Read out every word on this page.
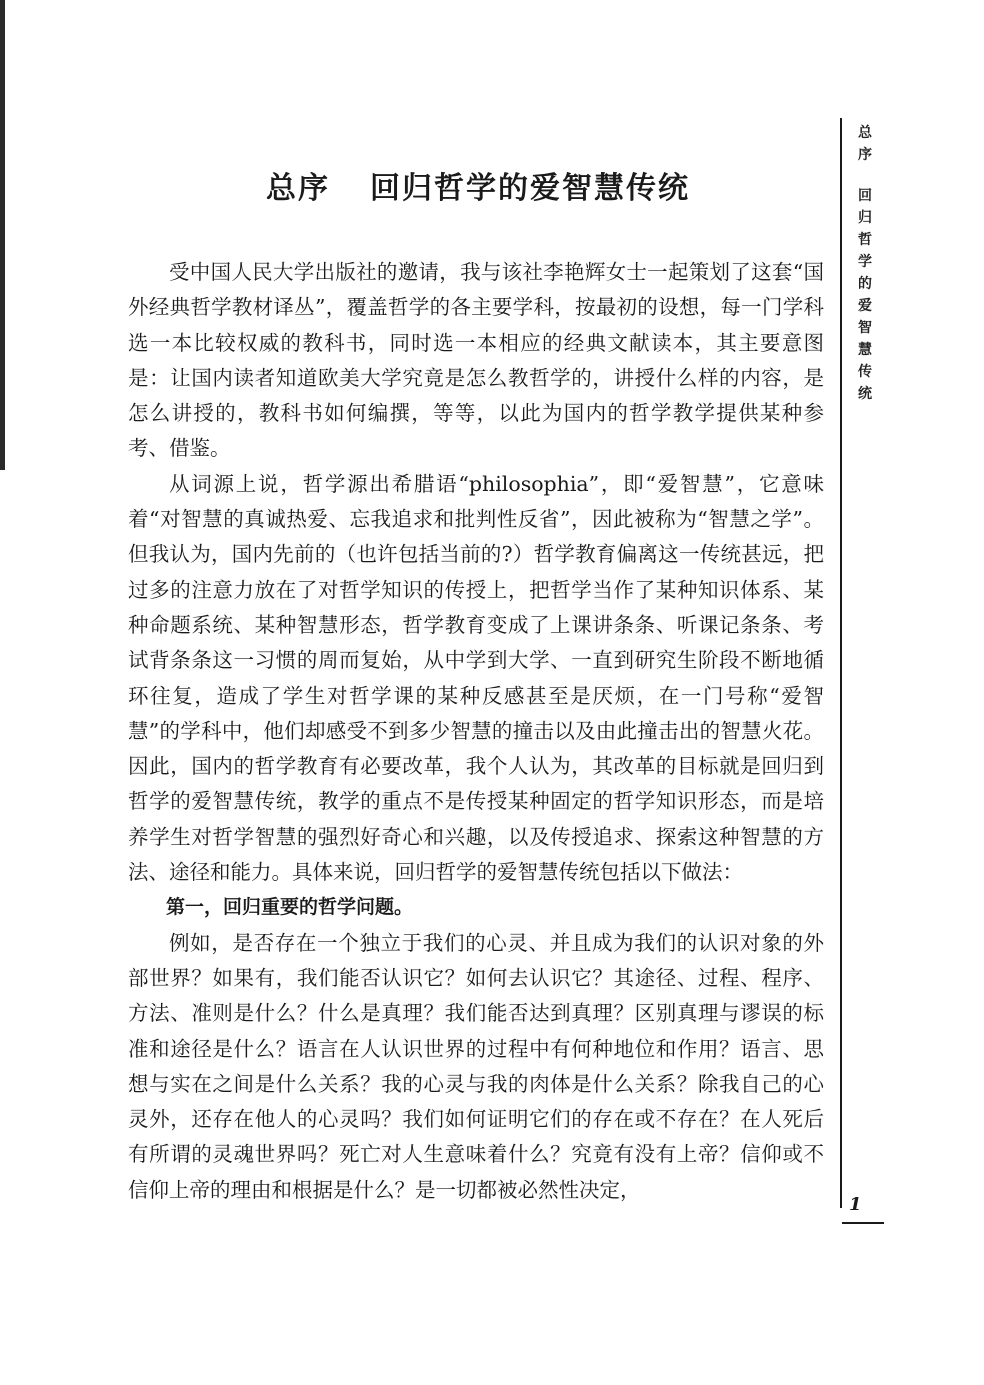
总序
回归哲学的爱智慧传统
1
总序 回归哲学的爱智慧传统

受中国人民大学出版社的邀请，我与该社李艳辉女士一起策划了这套“国外经典哲学教材译丛”，覆盖哲学的各主要学科，按最初的设想，每一门学科选一本比较权威的教科书，同时选一本相应的经典文献读本，其主要意图是：让国内读者知道欧美大学究竟是怎么教哲学的，讲授什么样的内容，是怎么讲授的，教科书如何编撰，等等，以此为国内的哲学教学提供某种参考、借鉴。

从词源上说，哲学源出希腊语“philosophia”，即“爱智慧”，它意味着“对智慧的真诚热爱、忘我追求和批判性反省”，因此被称为“智慧之学”。但我认为，国内先前的（也许包括当前的?）哲学教育偏离这一传统甚远，把过多的注意力放在了对哲学知识的传授上，把哲学当作了某种知识体系、某种命题系统、某种智慧形态，哲学教育变成了上课讲条条、听课记条条、考试背条条这一习惯的周而复始，从中学到大学、一直到研究生阶段不断地循环往复，造成了学生对哲学课的某种反感甚至是厌烦，在一门号称“爱智慧”的学科中，他们却感受不到多少智慧的撞击以及由此撞击出的智慧火花。因此，国内的哲学教育有必要改革，我个人认为，其改革的目标就是回归到哲学的爱智慧传统，教学的重点不是传授某种固定的哲学知识形态，而是培养学生对哲学智慧的强烈好奇心和兴趣，以及传授追求、探索这种智慧的方法、途径和能力。具体来说，回归哲学的爱智慧传统包括以下做法：

第一，回归重要的哲学问题。

例如，是否存在一个独立于我们的心灵、并且成为我们的认识对象的外部世界？如果有，我们能否认识它？如何去认识它？其途径、过程、程序、方法、准则是什么？什么是真理？我们能否达到真理？区别真理与谬误的标准和途径是什么？语言在人认识世界的过程中有何种地位和作用？语言、思想与实在之间是什么关系？我的心灵与我的肉体是什么关系？除我自己的心灵外，还存在他人的心灵吗？我们如何证明它们的存在或不存在？在人死后有所谓的灵魂世界吗？死亡对人生意味着什么？究竟有没有上帝？信仰或不信仰上帝的理由和根据是什么？是一切都被必然性决定，
